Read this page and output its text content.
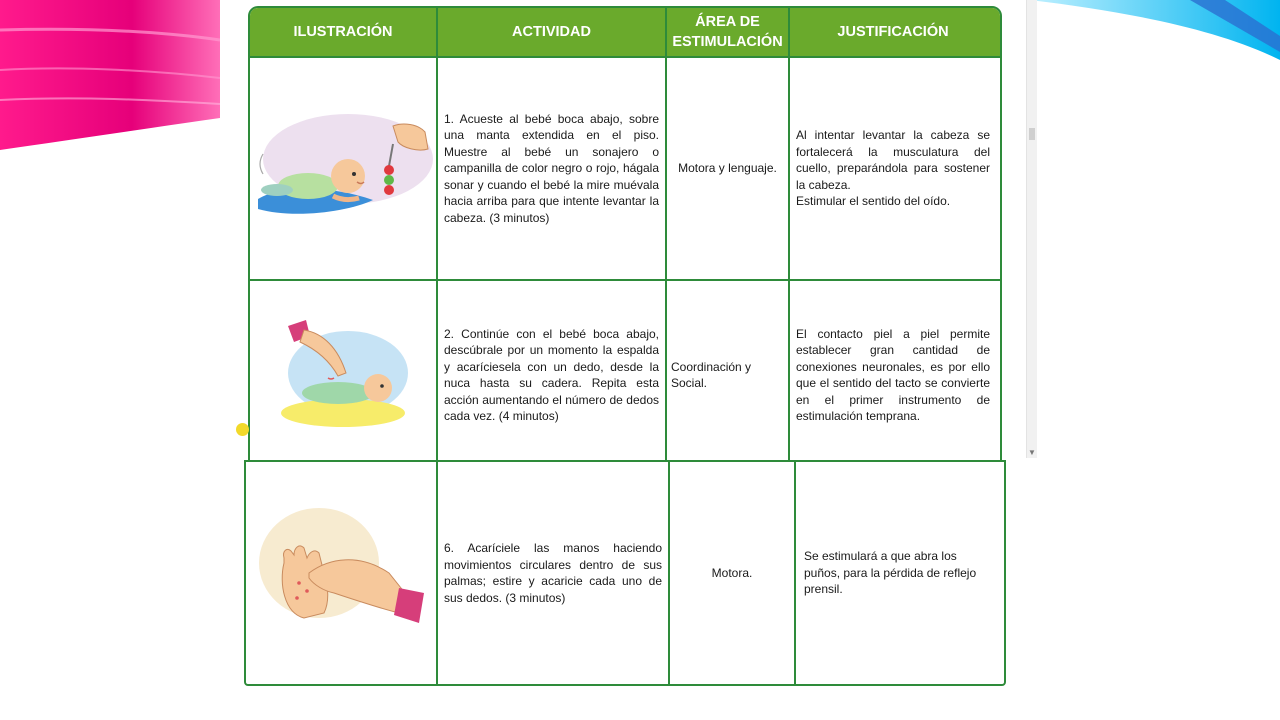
ILUSTRACIÓN	ACTIVIDAD
ÁREA DE ESTIMULACIÓN
JUSTIFICACIÓN
1. Acueste al bebé boca abajo, sobre una manta extendida en el piso. Muestre al bebé un sonajero o campanilla de color negro o rojo, hágala sonar y cuando el bebé la mire muévala hacia arriba para que intente levantar la cabeza. (3 minutos)
Motora y lenguaje.
Al intentar levantar la cabeza se fortalecerá la musculatura del cuello, preparándola para sostener la cabeza.
Estimular el sentido del oído.
2. Continúe con el bebé boca abajo, descúbrale por un momento la espalda y acaríciesela con un dedo, desde la nuca hasta su cadera. Repita esta acción aumentando el número de dedos cada vez. (4 minutos)
Coordinación y Social.
El contacto piel a piel permite establecer gran cantidad de conexiones neuronales, es por ello que el sentido del tacto se convierte en el primer instrumento de estimulación temprana.
▼
6. Acaríciele las manos haciendo movimientos circulares dentro de sus palmas; estire y acaricie cada uno de sus dedos. (3 minutos)
Motora.
Se estimulará a que abra los puños, para la pérdida de reflejo prensil.
